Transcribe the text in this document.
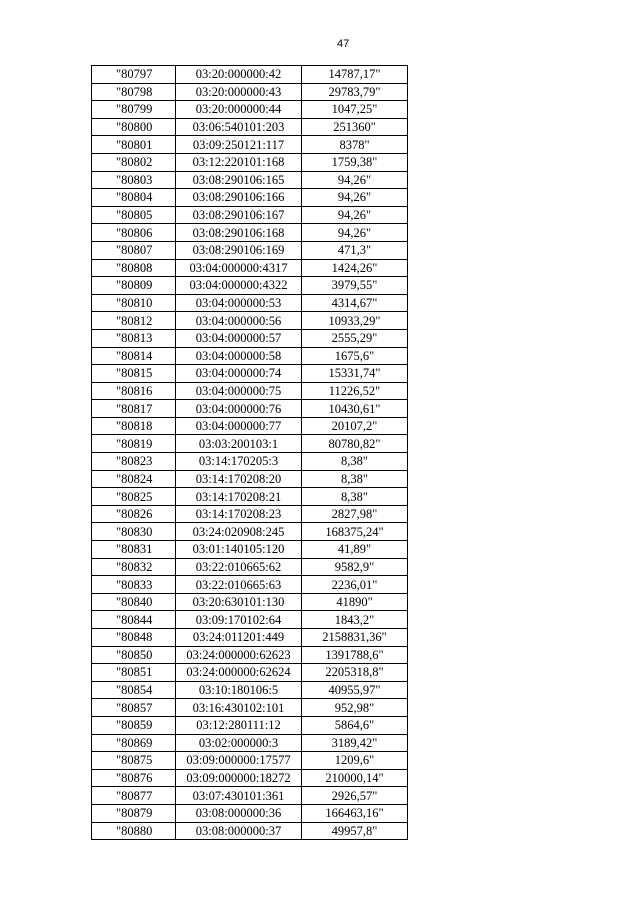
47
"80797	03:20:000000:42	14787,17"
"80798	03:20:000000:43	29783,79"
"80799	03:20:000000:44	1047,25"
"80800	03:06:540101:203	251360"
"80801	03:09:250121:117	8378"
"80802	03:12:220101:168	1759,38"
"80803	03:08:290106:165	94,26"
"80804	03:08:290106:166	94,26"
"80805	03:08:290106:167	94,26"
"80806	03:08:290106:168	94,26"
"80807	03:08:290106:169	471,3"
"80808	03:04:000000:4317	1424,26"
"80809	03:04:000000:4322	3979,55"
"80810	03:04:000000:53	4314,67"
"80812	03:04:000000:56	10933,29"
"80813	03:04:000000:57	2555,29"
"80814	03:04:000000:58	1675,6"
"80815	03:04:000000:74	15331,74"
"80816	03:04:000000:75	11226,52"
"80817	03:04:000000:76	10430,61"
"80818	03:04:000000:77	20107,2"
"80819	03:03:200103:1	80780,82"
"80823	03:14:170205:3	8,38"
"80824	03:14:170208:20	8,38"
"80825	03:14:170208:21	8,38"
"80826	03:14:170208:23	2827,98"
"80830	03:24:020908:245	168375,24"
"80831	03:01:140105:120	41,89"
"80832	03:22:010665:62	9582,9"
"80833	03:22:010665:63	2236,01"
"80840	03:20:630101:130	41890"
"80844	03:09:170102:64	1843,2"
"80848	03:24:011201:449	2158831,36"
"80850	03:24:000000:62623	1391788,6"
"80851	03:24:000000:62624	2205318,8"
"80854	03:10:180106:5	40955,97"
"80857	03:16:430102:101	952,98"
"80859	03:12:280111:12	5864,6"
"80869	03:02:000000:3	3189,42"
"80875	03:09:000000:17577	1209,6"
"80876	03:09:000000:18272	210000,14"
"80877	03:07:430101:361	2926,57"
"80879	03:08:000000:36	166463,16"
"80880	03:08:000000:37	49957,8"
